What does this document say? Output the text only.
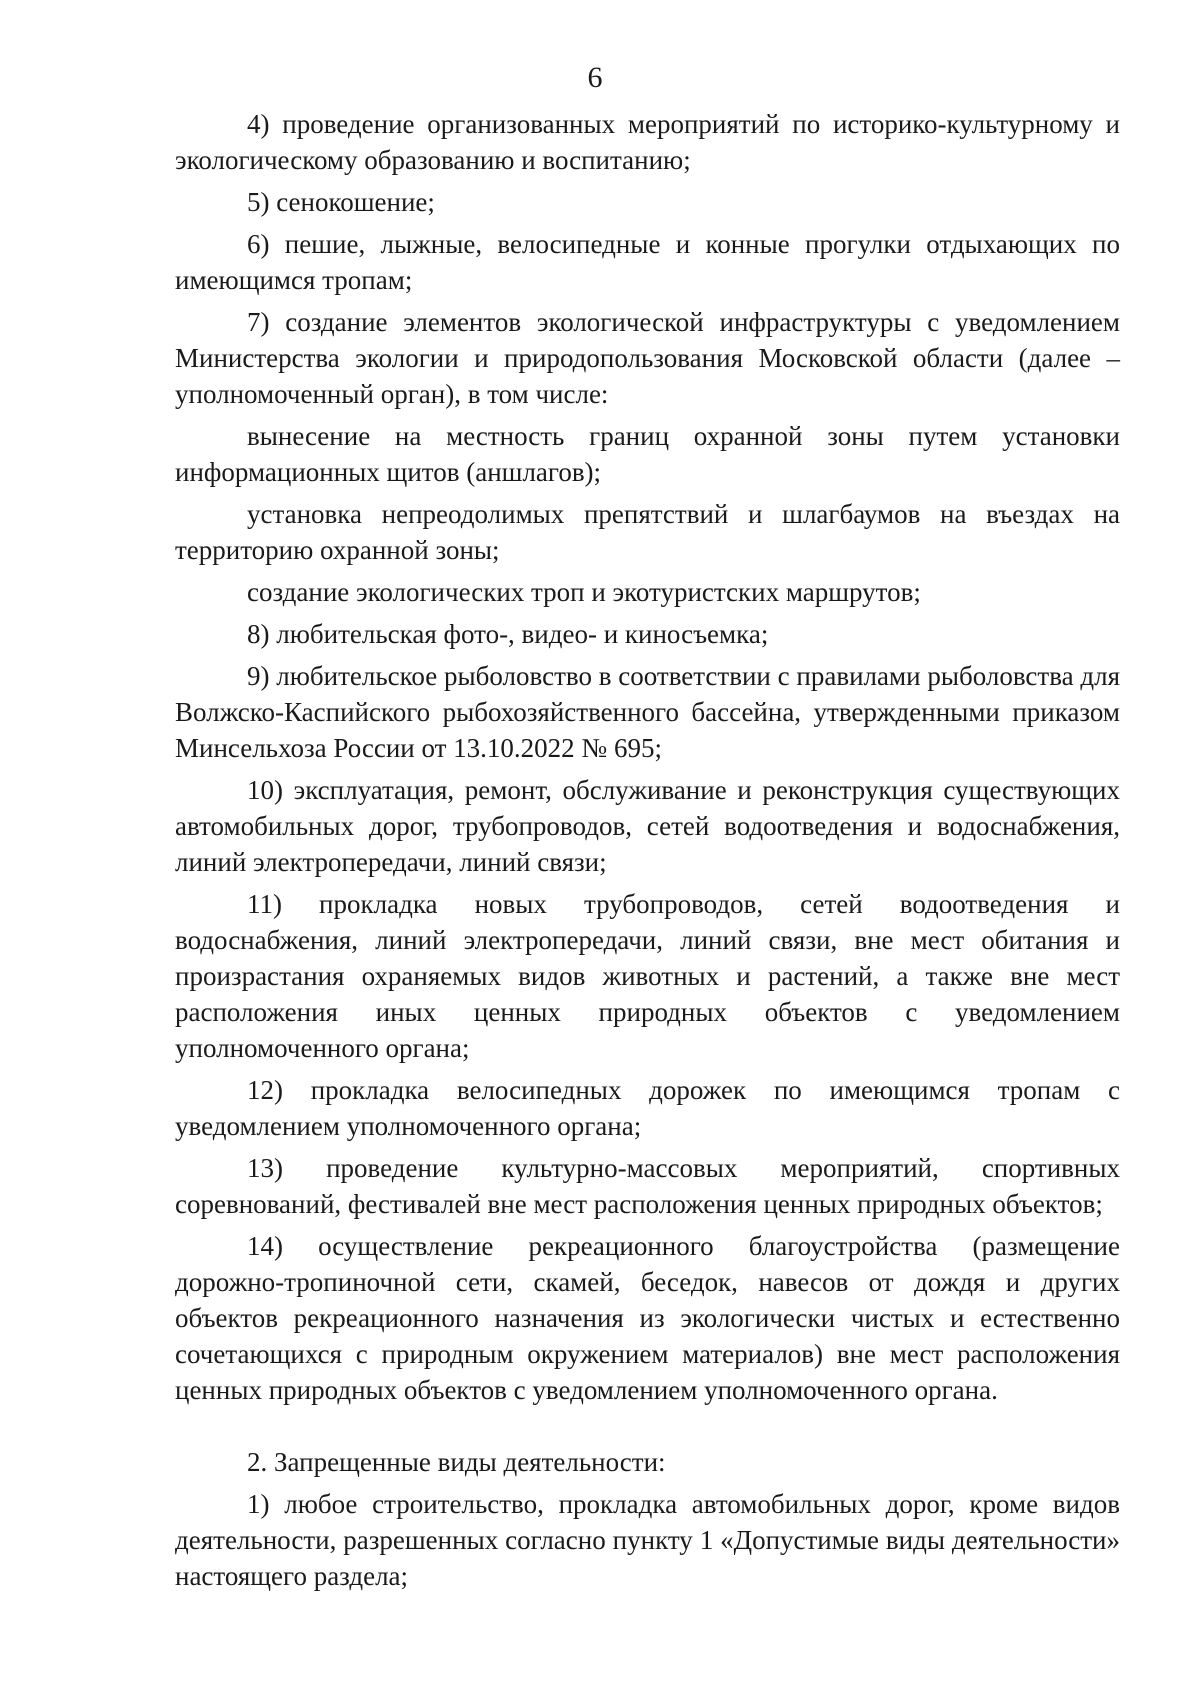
6

4) проведение организованных мероприятий по историко-культурному и экологическому образованию и воспитанию;

5) сенокошение;

6) пешие, лыжные, велосипедные и конные прогулки отдыхающих по имеющимся тропам;

7) создание элементов экологической инфраструктуры с уведомлением Министерства экологии и природопользования Московской области (далее – уполномоченный орган), в том числе:

вынесение на местность границ охранной зоны путем установки информационных щитов (аншлагов);

установка непреодолимых препятствий и шлагбаумов на въездах на территорию охранной зоны;

создание экологических троп и экотуристских маршрутов;

8) любительская фото-, видео- и киносъемка;

9) любительское рыболовство в соответствии с правилами рыболовства для Волжско-Каспийского рыбохозяйственного бассейна, утвержденными приказом Минсельхоза России от 13.10.2022 № 695;

10) эксплуатация, ремонт, обслуживание и реконструкция существующих автомобильных дорог, трубопроводов, сетей водоотведения и водоснабжения, линий электропередачи, линий связи;

11) прокладка новых трубопроводов, сетей водоотведения и водоснабжения, линий электропередачи, линий связи, вне мест обитания и произрастания охраняемых видов животных и растений, а также вне мест расположения иных ценных природных объектов с уведомлением уполномоченного органа;

12) прокладка велосипедных дорожек по имеющимся тропам с уведомлением уполномоченного органа;

13) проведение культурно-массовых мероприятий, спортивных соревнований, фестивалей вне мест расположения ценных природных объектов;

14) осуществление рекреационного благоустройства (размещение дорожно-тропиночной сети, скамей, беседок, навесов от дождя и других объектов рекреационного назначения из экологически чистых и естественно сочетающихся с природным окружением материалов) вне мест расположения ценных природных объектов с уведомлением уполномоченного органа.

2. Запрещенные виды деятельности:

1) любое строительство, прокладка автомобильных дорог, кроме видов деятельности, разрешенных согласно пункту 1 «Допустимые виды деятельности» настоящего раздела;
